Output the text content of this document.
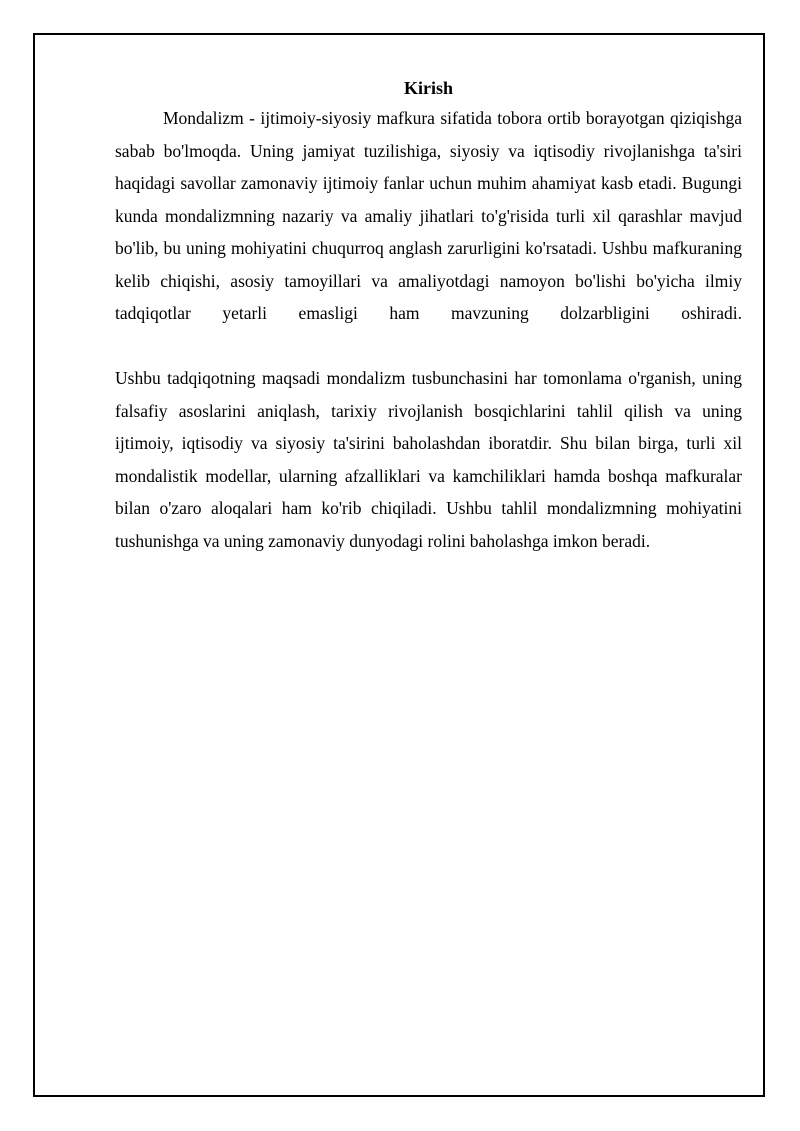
Kirish

Mondalizm - ijtimoiy-siyosiy mafkura sifatida tobora ortib borayotgan qiziqishga sabab bo'lmoqda. Uning jamiyat tuzilishiga, siyosiy va iqtisodiy rivojlanishga ta'siri haqidagi savollar zamonaviy ijtimoiy fanlar uchun muhim ahamiyat kasb etadi. Bugungi kunda mondalizmning nazariy va amaliy jihatlari to'g'risida turli xil qarashlar mavjud bo'lib, bu uning mohiyatini chuqurroq anglash zarurligini ko'rsatadi. Ushbu mafkuraning kelib chiqishi, asosiy tamoyillari va amaliyotdagi namoyon bo'lishi bo'yicha ilmiy tadqiqotlar yetarli emasligi ham mavzuning dolzarbligini oshiradi.

Ushbu tadqiqotning maqsadi mondalizm tusbunchasini har tomonlama o'rganish, uning falsafiy asoslarini aniqlash, tarixiy rivojlanish bosqichlarini tahlil qilish va uning ijtimoiy, iqtisodiy va siyosiy ta'sirini baholashdan iboratdir. Shu bilan birga, turli xil mondalistik modellar, ularning afzalliklari va kamchiliklari hamda boshqa mafkuralar bilan o'zaro aloqalari ham ko'rib chiqiladi. Ushbu tahlil mondalizmning mohiyatini tushunishga va uning zamonaviy dunyodagi rolini baholashga imkon beradi.
